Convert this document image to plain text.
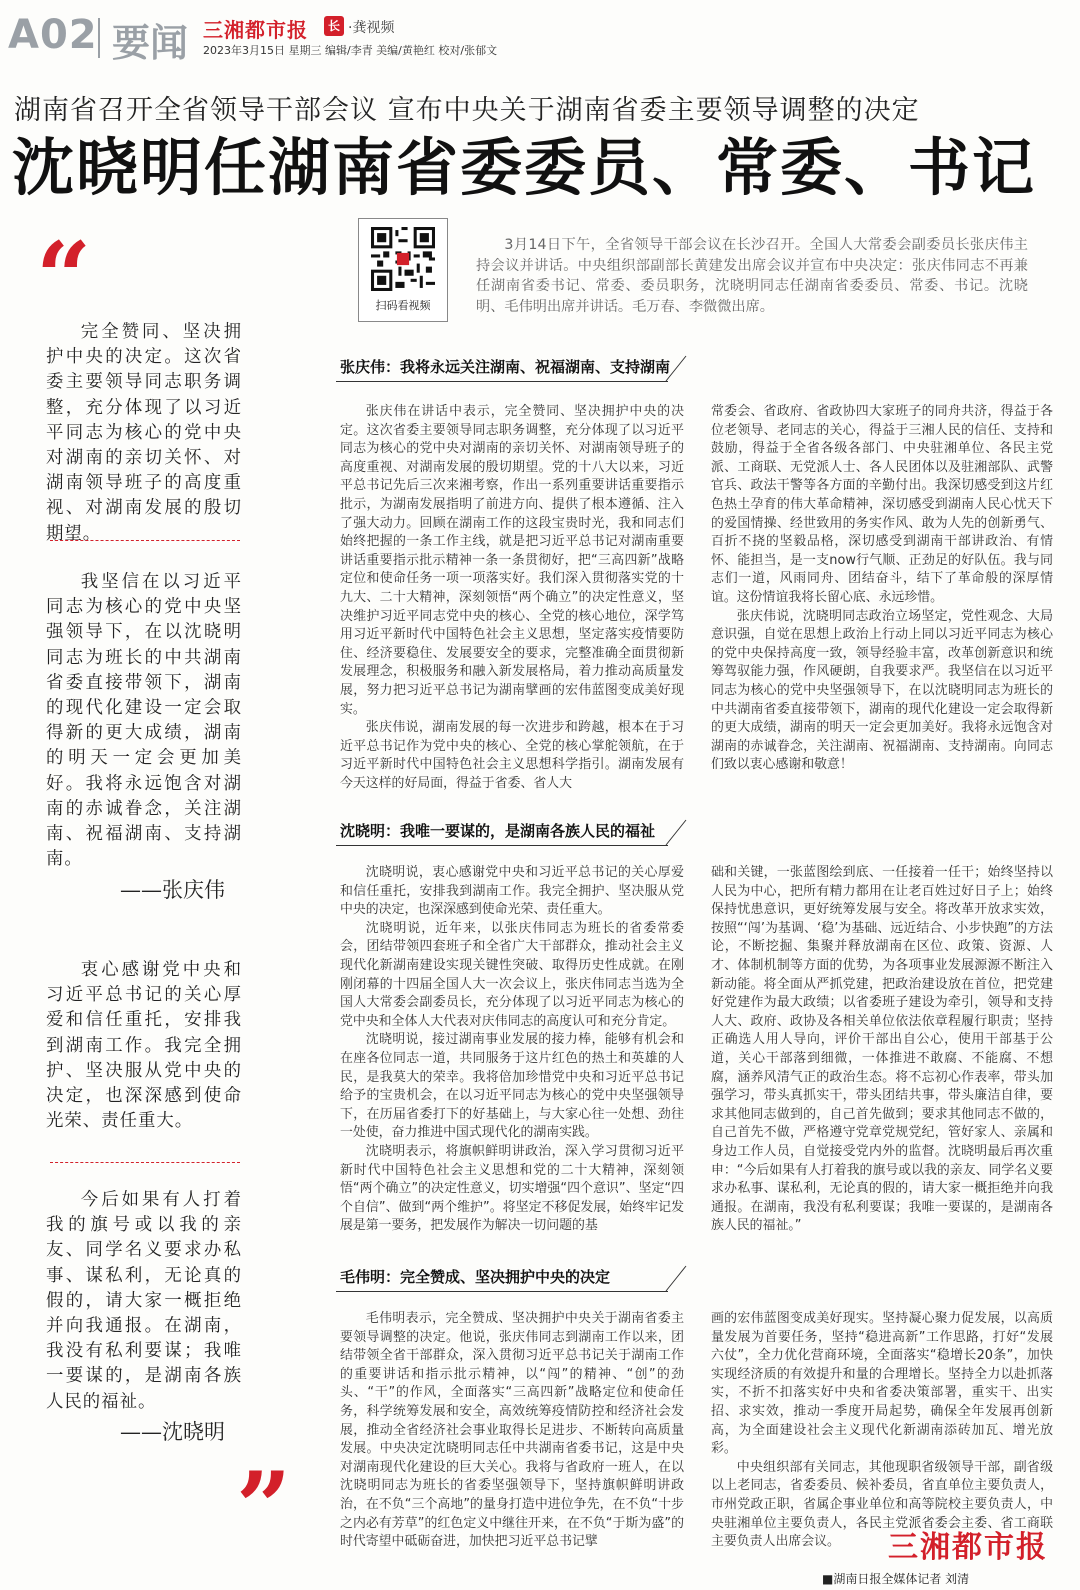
A02 要闻 三湘都市报	长 ·龚视频
2023年3月15日 星期三 编辑/李青 美编/黄艳红 校对/张郁文
湖南省召开全省领导干部会议 宣布中央关于湖南省委主要领导调整的决定
沈晓明任湖南省委委员、常委、书记
扫码看视频
3月14日下午，全省领导干部会议在长沙召开。全国人大常委会副委员长张庆伟主持会议并讲话。中央组织部副部长黄建发出席会议并宣布中央决定：张庆伟同志不再兼任湖南省委书记、常委、委员职务，沈晓明同志任湖南省委委员、常委、书记。沈晓明、毛伟明出席并讲话。毛万春、李微微出席。
“
完全赞同、坚决拥护中央的决定。这次省委主要领导同志职务调整，充分体现了以习近平同志为核心的党中央对湖南的亲切关怀、对湖南领导班子的高度重视、对湖南发展的殷切期望。
我坚信在以习近平同志为核心的党中央坚强领导下，在以沈晓明同志为班长的中共湖南省委直接带领下，湖南的现代化建设一定会取得新的更大成绩，湖南的明天一定会更加美好。我将永远饱含对湖南的赤诚眷念，关注湖南、祝福湖南、支持湖南。
——张庆伟
衷心感谢党中央和习近平总书记的关心厚爱和信任重托，安排我到湖南工作。我完全拥护、坚决服从党中央的决定，也深深感到使命光荣、责任重大。
今后如果有人打着我的旗号或以我的亲友、同学名义要求办私事、谋私利，无论真的假的，请大家一概拒绝并向我通报。在湖南，我没有私利要谋；我唯一要谋的，是湖南各族人民的福祉。
——沈晓明
”
张庆伟：我将永远关注湖南、祝福湖南、支持湖南

张庆伟在讲话中表示，完全赞同、坚决拥护中央的决定。这次省委主要领导同志职务调整，充分体现了以习近平同志为核心的党中央对湖南的亲切关怀、对湖南领导班子的高度重视、对湖南发展的殷切期望。党的十八大以来，习近平总书记先后三次来湘考察，作出一系列重要讲话重要指示批示，为湖南发展指明了前进方向、提供了根本遵循、注入了强大动力。回顾在湖南工作的这段宝贵时光，我和同志们始终把握的一条工作主线，就是把习近平总书记对湖南重要讲话重要指示批示精神一条一条贯彻好，把“三高四新”战略定位和使命任务一项一项落实好。我们深入贯彻落实党的十九大、二十大精神，深刻领悟“两个确立”的决定性意义，坚决维护习近平同志党中央的核心、全党的核心地位，深学笃用习近平新时代中国特色社会主义思想，坚定落实疫情要防住、经济要稳住、发展要安全的要求，完整准确全面贯彻新发展理念，积极服务和融入新发展格局，着力推动高质量发展，努力把习近平总书记为湖南擘画的宏伟蓝图变成美好现实。

张庆伟说，湖南发展的每一次进步和跨越，根本在于习近平总书记作为党中央的核心、全党的核心掌舵领航，在于习近平新时代中国特色社会主义思想科学指引。湖南发展有今天这样的好局面，得益于省委、省人大

常委会、省政府、省政协四大家班子的同舟共济，得益于各位老领导、老同志的关心，得益于三湘人民的信任、支持和鼓励，得益于全省各级各部门、中央驻湘单位、各民主党派、工商联、无党派人士、各人民团体以及驻湘部队、武警官兵、政法干警等各方面的辛勤付出。我深切感受到这片红色热土孕育的伟大革命精神，深切感受到湖南人民心忧天下的爱国情操、经世致用的务实作风、敢为人先的创新勇气、百折不挠的坚毅品格，深切感受到湖南干部讲政治、有情怀、能担当，是一支now行气顺、正劲足的好队伍。我与同志们一道，风雨同舟、团结奋斗，结下了革命般的深厚情谊。这份情谊我将长留心底、永远珍惜。

张庆伟说，沈晓明同志政治立场坚定，党性观念、大局意识强，自觉在思想上政治上行动上同以习近平同志为核心的党中央保持高度一致，领导经验丰富，改革创新意识和统筹驾驭能力强，作风硬朗，自我要求严。我坚信在以习近平同志为核心的党中央坚强领导下，在以沈晓明同志为班长的中共湖南省委直接带领下，湖南的现代化建设一定会取得新的更大成绩，湖南的明天一定会更加美好。我将永远饱含对湖南的赤诚眷念，关注湖南、祝福湖南、支持湖南。向同志们致以衷心感谢和敬意！

沈晓明：我唯一要谋的，是湖南各族人民的福祉

沈晓明说，衷心感谢党中央和习近平总书记的关心厚爱和信任重托，安排我到湖南工作。我完全拥护、坚决服从党中央的决定，也深深感到使命光荣、责任重大。

沈晓明说，近年来，以张庆伟同志为班长的省委常委会，团结带领四套班子和全省广大干部群众，推动社会主义现代化新湖南建设实现关键性突破、取得历史性成就。在刚刚闭幕的十四届全国人大一次会议上，张庆伟同志当选为全国人大常委会副委员长，充分体现了以习近平同志为核心的党中央和全体人大代表对庆伟同志的高度认可和充分肯定。

沈晓明说，接过湖南事业发展的接力棒，能够有机会和在座各位同志一道，共同服务于这片红色的热土和英雄的人民，是我莫大的荣幸。我将倍加珍惜党中央和习近平总书记给予的宝贵机会，在以习近平同志为核心的党中央坚强领导下，在历届省委打下的好基础上，与大家心往一处想、劲往一处使，奋力推进中国式现代化的湖南实践。

沈晓明表示，将旗帜鲜明讲政治，深入学习贯彻习近平新时代中国特色社会主义思想和党的二十大精神，深刻领悟“两个确立”的决定性意义，切实增强“四个意识”、坚定“四个自信”、做到“两个维护”。将坚定不移促发展，始终牢记发展是第一要务，把发展作为解决一切问题的基

础和关键，一张蓝图绘到底、一任接着一任干；始终坚持以人民为中心，把所有精力都用在让老百姓过好日子上；始终保持忧患意识，更好统筹发展与安全。将改革开放求实效，按照“‘闯’为基调、‘稳’为基础、远近结合、小步快跑”的方法论，不断挖掘、集聚并释放湖南在区位、政策、资源、人才、体制机制等方面的优势，为各项事业发展源源不断注入新动能。将全面从严抓党建，把政治建设放在首位，把党建好党建作为最大政绩；以省委班子建设为牵引，领导和支持人大、政府、政协及各相关单位依法依章程履行职责；坚持正确选人用人导向，评价干部出自公心，使用干部基于公道，关心干部落到细微，一体推进不敢腐、不能腐、不想腐，涵养风清气正的政治生态。将不忘初心作表率，带头加强学习，带头真抓实干，带头团结共事，带头廉洁自律，要求其他同志做到的，自己首先做到；要求其他同志不做的，自己首先不做，严格遵守党章党规党纪，管好家人、亲属和身边工作人员，自觉接受党内外的监督。沈晓明最后再次重申：“今后如果有人打着我的旗号或以我的亲友、同学名义要求办私事、谋私利，无论真的假的，请大家一概拒绝并向我通报。在湖南，我没有私利要谋；我唯一要谋的，是湖南各族人民的福祉。”

毛伟明：完全赞成、坚决拥护中央的决定

毛伟明表示，完全赞成、坚决拥护中央关于湖南省委主要领导调整的决定。他说，张庆伟同志到湖南工作以来，团结带领全省干部群众，深入贯彻习近平总书记关于湖南工作的重要讲话和指示批示精神，以“闯”的精神、“创”的劲头、“干”的作风，全面落实“三高四新”战略定位和使命任务，科学统筹发展和安全，高效统筹疫情防控和经济社会发展，推动全省经济社会事业取得长足进步、不断转向高质量发展。中央决定沈晓明同志任中共湖南省委书记，这是中央对湖南现代化建设的巨大关心。我将与省政府一班人，在以沈晓明同志为班长的省委坚强领导下，坚持旗帜鲜明讲政治，在不负“三个高地”的量身打造中进位争先，在不负“十步之内必有芳草”的红色定义中继往开来，在不负“于斯为盛”的时代寄望中砥砺奋进，加快把习近平总书记擘

画的宏伟蓝图变成美好现实。坚持凝心聚力促发展，以高质量发展为首要任务，坚持“稳进高新”工作思路，打好“发展六仗”，全力优化营商环境，全面落实“稳增长20条”，加快实现经济质的有效提升和量的合理增长。坚持全力以赴抓落实，不折不扣落实好中央和省委决策部署，重实干、出实招、求实效，推动一季度开局起势，确保全年发展再创新高，为全面建设社会主义现代化新湖南添砖加瓦、增光放彩。

中央组织部有关同志，其他现职省级领导干部，副省级以上老同志，省委委员、候补委员，省直单位主要负责人，市州党政正职，省属企事业单位和高等院校主要负责人，中央驻湘单位主要负责人，各民主党派省委会主委、省工商联主要负责人出席会议。	三湘都市报
■湖南日报全媒体记者 刘清
